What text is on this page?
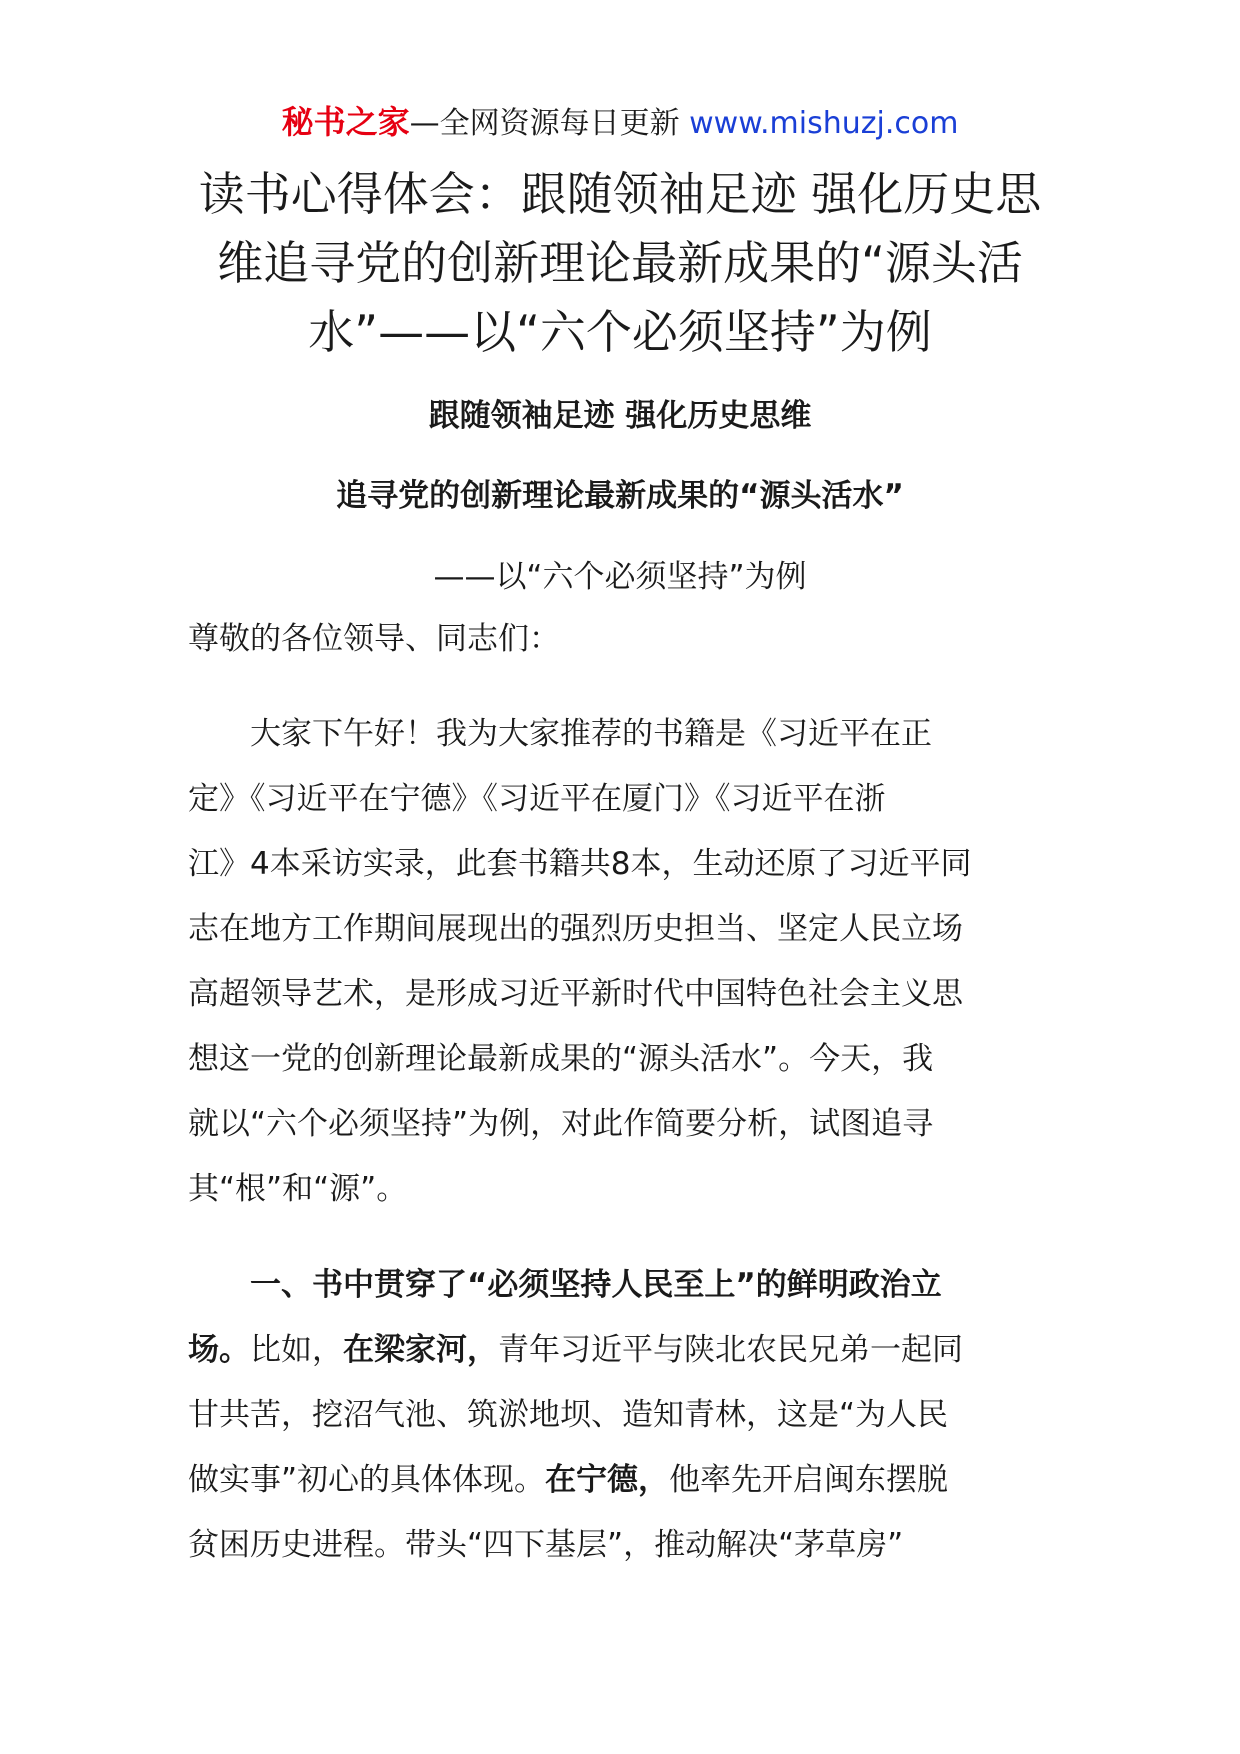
秘书之家—全网资源每日更新 www.mishuzj.com
读书心得体会：跟随领袖足迹 强化历史思
维追寻党的创新理论最新成果的“源头活
水”——以“六个必须坚持”为例
跟随领袖足迹 强化历史思维
追寻党的创新理论最新成果的“源头活水”
——以“六个必须坚持”为例
尊敬的各位领导、同志们：
　　大家下午好！我为大家推荐的书籍是《习近平在正
定》《习近平在宁德》《习近平在厦门》《习近平在浙
江》4本采访实录，此套书籍共8本，生动还原了习近平同
志在地方工作期间展现出的强烈历史担当、坚定人民立场
高超领导艺术，是形成习近平新时代中国特色社会主义思
想这一党的创新理论最新成果的“源头活水”。今天，我
就以“六个必须坚持”为例，对此作简要分析，试图追寻
其“根”和“源”。
　　一、书中贯穿了“必须坚持人民至上”的鲜明政治立
场。比如，在梁家河，青年习近平与陕北农民兄弟一起同
甘共苦，挖沼气池、筑淤地坝、造知青林，这是“为人民
做实事”初心的具体体现。在宁德，他率先开启闽东摆脱
贫困历史进程。带头“四下基层”，推动解决“茅草房”
